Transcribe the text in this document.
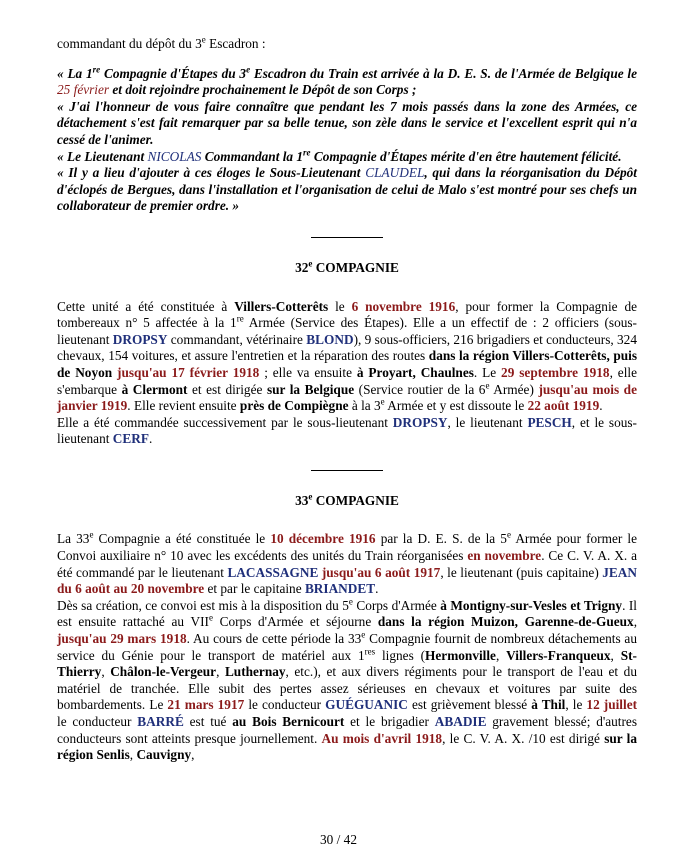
commandant du dépôt du 3e Escadron :

« La 1re Compagnie d'Étapes du 3e Escadron du Train est arrivée à la D. E. S. de l'Armée de Belgique le 25 février et doit rejoindre prochainement le Dépôt de son Corps ;

« J'ai l'honneur de vous faire connaître que pendant les 7 mois passés dans la zone des Armées, ce détachement s'est fait remarquer par sa belle tenue, son zèle dans le service et l'excellent esprit qui n'a cessé de l'animer.

« Le Lieutenant NICOLAS Commandant la 1re Compagnie d'Étapes mérite d'en être hautement félicité.

« Il y a lieu d'ajouter à ces éloges le Sous-Lieutenant CLAUDEL, qui dans la réorganisation du Dépôt d'éclopés de Bergues, dans l'installation et l'organisation de celui de Malo s'est montré pour ses chefs un collaborateur de premier ordre. »

32e COMPAGNIE

Cette unité a été constituée à Villers-Cotterêts le 6 novembre 1916, pour former la Compagnie de tombereaux n° 5 affectée à la 1re Armée (Service des Étapes). Elle a un effectif de : 2 officiers (sous-lieutenant DROPSY commandant, vétérinaire BLOND), 9 sous-officiers, 216 brigadiers et conducteurs, 324 chevaux, 154 voitures, et assure l'entretien et la réparation des routes dans la région Villers-Cotterêts, puis de Noyon jusqu'au 17 février 1918 ; elle va ensuite à Proyart, Chaulnes. Le 29 septembre 1918, elle s'embarque à Clermont et est dirigée sur la Belgique (Service routier de la 6e Armée) jusqu'au mois de janvier 1919. Elle revient ensuite près de Compiègne à la 3e Armée et y est dissoute le 22 août 1919.

Elle a été commandée successivement par le sous-lieutenant DROPSY, le lieutenant PESCH, et le sous-lieutenant CERF.

33e COMPAGNIE

La 33e Compagnie a été constituée le 10 décembre 1916 par la D. E. S. de la 5e Armée pour former le Convoi auxiliaire n° 10 avec les excédents des unités du Train réorganisées en novembre. Ce C. V. A. X. a été commandé par le lieutenant LACASSAGNE jusqu'au 6 août 1917, le lieutenant (puis capitaine) JEAN du 6 août au 20 novembre et par le capitaine BRIANDET.

Dès sa création, ce convoi est mis à la disposition du 5e Corps d'Armée à Montigny-sur-Vesles et Trigny. Il est ensuite rattaché au VIIe Corps d'Armée et séjourne dans la région Muizon, Garenne-de-Gueux, jusqu'au 29 mars 1918. Au cours de cette période la 33e Compagnie fournit de nombreux détachements au service du Génie pour le transport de matériel aux 1res lignes (Hermonville, Villers-Franqueux, St-Thierry, Châlon-le-Vergeur, Luthernay, etc.), et aux divers régiments pour le transport de l'eau et du matériel de tranchée. Elle subit des pertes assez sérieuses en chevaux et voitures par suite des bombardements. Le 21 mars 1917 le conducteur GUÉGUANIC est grièvement blessé à Thil, le 12 juillet le conducteur BARRÉ est tué au Bois Bernicourt et le brigadier ABADIE gravement blessé; d'autres conducteurs sont atteints presque journellement. Au mois d'avril 1918, le C. V. A. X. /10 est dirigé sur la région Senlis, Cauvigny,

30 / 42
